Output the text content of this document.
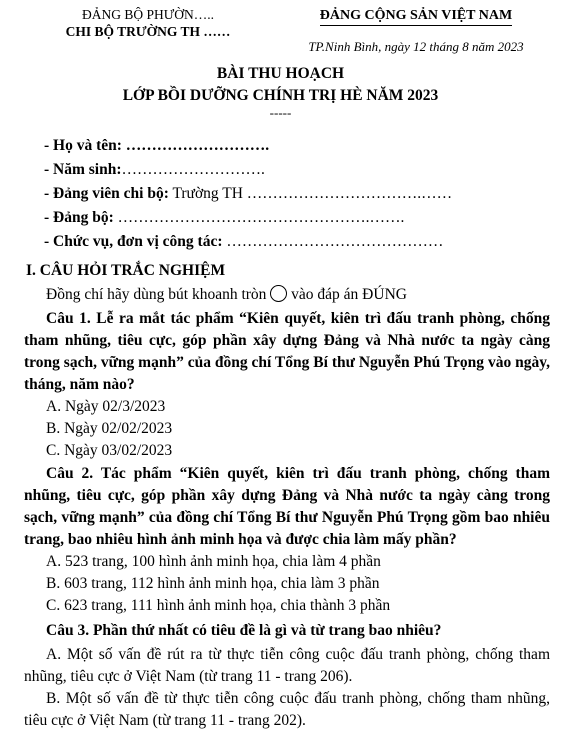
ĐẢNG BỘ PHƯỜN…..
CHI BỘ TRƯỜNG TH ……
ĐẢNG CỘNG SẢN VIỆT NAM
TP.Ninh Bình, ngày 12 tháng 8 năm 2023
BÀI THU HOẠCH
LỚP BỒI DƯỠNG CHÍNH TRỊ HÈ NĂM 2023
-----
- Họ và tên: ……………………….
- Năm sinh:……………………….
- Đảng viên chi bộ: Trường TH …………………………….……
- Đảng bộ: ………………………………………….…….
- Chức vụ, đơn vị công tác: ……………………………………
I. CÂU HỎI TRẮC NGHIỆM
Đồng chí hãy dùng bút khoanh tròn  vào đáp án ĐÚNG
Câu 1. Lễ ra mắt tác phẩm “Kiên quyết, kiên trì đấu tranh phòng, chống tham nhũng, tiêu cực, góp phần xây dựng Đảng và Nhà nước ta ngày càng trong sạch, vững mạnh” của đồng chí Tổng Bí thư Nguyễn Phú Trọng vào ngày, tháng, năm nào?
A. Ngày 02/3/2023
B. Ngày 02/02/2023
C. Ngày 03/02/2023
Câu 2. Tác phẩm “Kiên quyết, kiên trì đấu tranh phòng, chống tham nhũng, tiêu cực, góp phần xây dựng Đảng và Nhà nước ta ngày càng trong sạch, vững mạnh” của đồng chí Tổng Bí thư Nguyễn Phú Trọng gồm bao nhiêu trang, bao nhiêu hình ảnh minh họa và được chia làm mấy phần?
A. 523 trang, 100 hình ảnh minh họa, chia làm 4 phần
B. 603 trang, 112 hình ảnh minh họa, chia làm 3 phần
C. 623 trang, 111 hình ảnh minh họa, chia thành 3 phần
Câu 3. Phần thứ nhất có tiêu đề là gì và từ trang bao nhiêu?
A. Một số vấn đề rút ra từ thực tiễn công cuộc đấu tranh phòng, chống tham nhũng, tiêu cực ở Việt Nam (từ trang 11 - trang 206).
B. Một số vấn đề từ thực tiễn công cuộc đấu tranh phòng, chống tham nhũng, tiêu cực ở Việt Nam (từ trang 11 - trang 202).
